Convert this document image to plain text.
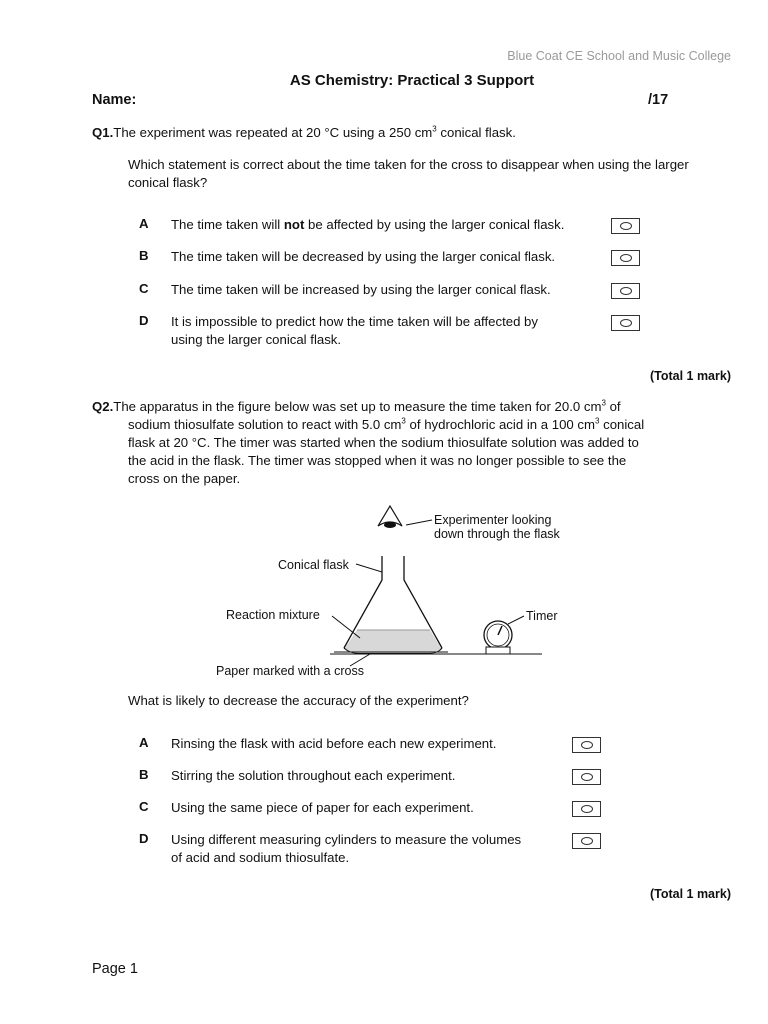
Blue Coat CE School and Music College
AS Chemistry: Practical 3 Support
Name:	/17
Q1.The experiment was repeated at 20 °C using a 250 $cm^3$ conical flask.
Which statement is correct about the time taken for the cross to disappear when using the larger conical flask?
A The time taken will not be affected by using the larger conical flask.
B The time taken will be decreased by using the larger conical flask.
C The time taken will be increased by using the larger conical flask.
D It is impossible to predict how the time taken will be affected by
using the larger conical flask.
(Total 1 mark)
Q2.The apparatus in the figure below was set up to measure the time taken for 20.0 $cm^3$ of
sodium thiosulfate solution to react with 5.0 $cm^3$ of hydrochloric acid in a 100 $cm^3$ conical
flask at 20 °C. The timer was started when the sodium thiosulfate solution was added to
the acid in the flask. The timer was stopped when it was no longer possible to see the
cross on the paper.
Experimenter looking
down through the flask
Conical flask
Reaction mixture	Timer
Paper marked with a cross
What is likely to decrease the accuracy of the experiment?
A Rinsing the flask with acid before each new experiment.
B Stirring the solution throughout each experiment.
C Using the same piece of paper for each experiment.
D Using different measuring cylinders to measure the volumes
of acid and sodium thiosulfate.
(Total 1 mark)
Page 1
